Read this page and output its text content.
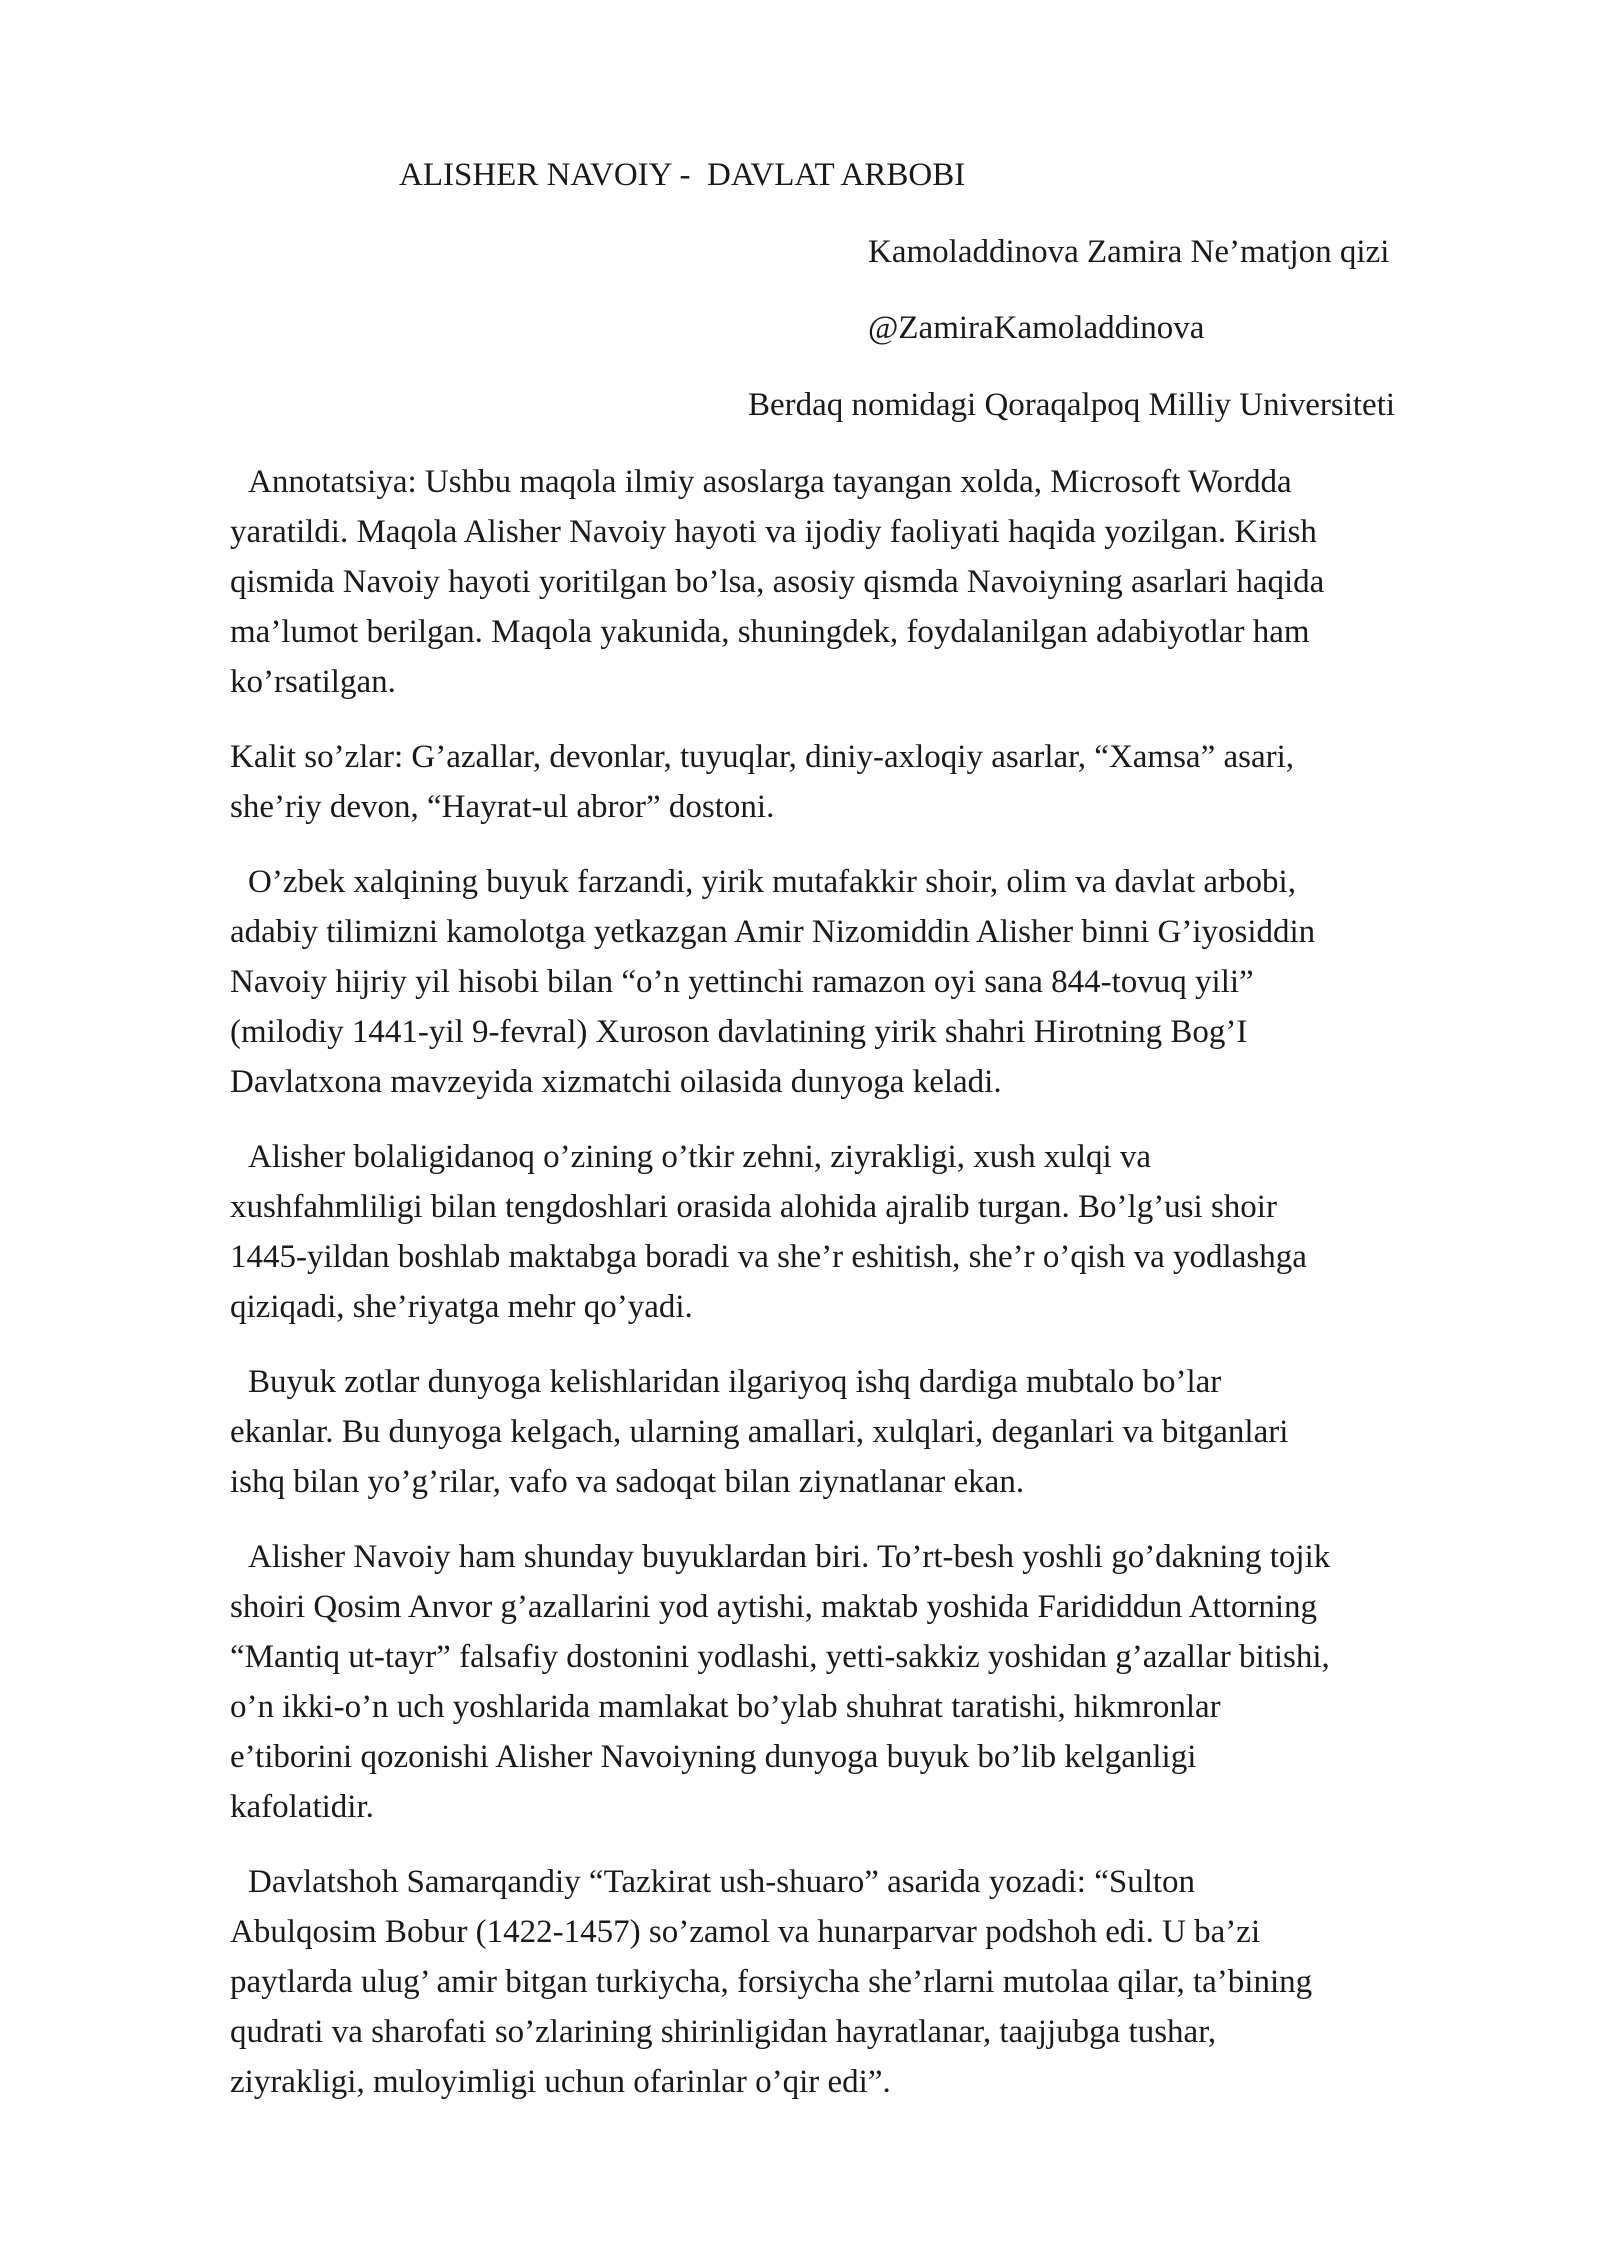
ALISHER NAVOIY -  DAVLAT ARBOBI

Kamoladdinova Zamira Ne’matjon qizi

@ZamiraKamoladdinova

Berdaq nomidagi Qoraqalpoq Milliy Universiteti

Annotatsiya: Ushbu maqola ilmiy asoslarga tayangan xolda, Microsoft Wordda
yaratildi. Maqola Alisher Navoiy hayoti va ijodiy faoliyati haqida yozilgan. Kirish
qismida Navoiy hayoti yoritilgan bo’lsa, asosiy qismda Navoiyning asarlari haqida
ma’lumot berilgan. Maqola yakunida, shuningdek, foydalanilgan adabiyotlar ham
ko’rsatilgan.

Kalit so’zlar: G’azallar, devonlar, tuyuqlar, diniy-axloqiy asarlar, “Xamsa” asari,
she’riy devon, “Hayrat-ul abror” dostoni.

O’zbek xalqining buyuk farzandi, yirik mutafakkir shoir, olim va davlat arbobi,
adabiy tilimizni kamolotga yetkazgan Amir Nizomiddin Alisher binni G’iyosiddin
Navoiy hijriy yil hisobi bilan “o’n yettinchi ramazon oyi sana 844-tovuq yili”
(milodiy 1441-yil 9-fevral) Xuroson davlatining yirik shahri Hirotning Bog’I
Davlatxona mavzeyida xizmatchi oilasida dunyoga keladi.

Alisher bolaligidanoq o’zining o’tkir zehni, ziyrakligi, xush xulqi va
xushfahmliligi bilan tengdoshlari orasida alohida ajralib turgan. Bo’lg’usi shoir
1445-yildan boshlab maktabga boradi va she’r eshitish, she’r o’qish va yodlashga
qiziqadi, she’riyatga mehr qo’yadi.

Buyuk zotlar dunyoga kelishlaridan ilgariyoq ishq dardiga mubtalo bo’lar
ekanlar. Bu dunyoga kelgach, ularning amallari, xulqlari, deganlari va bitganlari
ishq bilan yo’g’rilar, vafo va sadoqat bilan ziynatlanar ekan.

Alisher Navoiy ham shunday buyuklardan biri. To’rt-besh yoshli go’dakning tojik
shoiri Qosim Anvor g’azallarini yod aytishi, maktab yoshida Farididdun Attorning
“Mantiq ut-tayr” falsafiy dostonini yodlashi, yetti-sakkiz yoshidan g’azallar bitishi,
o’n ikki-o’n uch yoshlarida mamlakat bo’ylab shuhrat taratishi, hikmronlar
e’tiborini qozonishi Alisher Navoiyning dunyoga buyuk bo’lib kelganligi
kafolatidir.

Davlatshoh Samarqandiy “Tazkirat ush-shuaro” asarida yozadi: “Sulton
Abulqosim Bobur (1422-1457) so’zamol va hunarparvar podshoh edi. U ba’zi
paytlarda ulug’ amir bitgan turkiycha, forsiycha she’rlarni mutolaa qilar, ta’bining
qudrati va sharofati so’zlarining shirinligidan hayratlanar, taajjubga tushar,
ziyrakligi, muloyimligi uchun ofarinlar o’qir edi”.
